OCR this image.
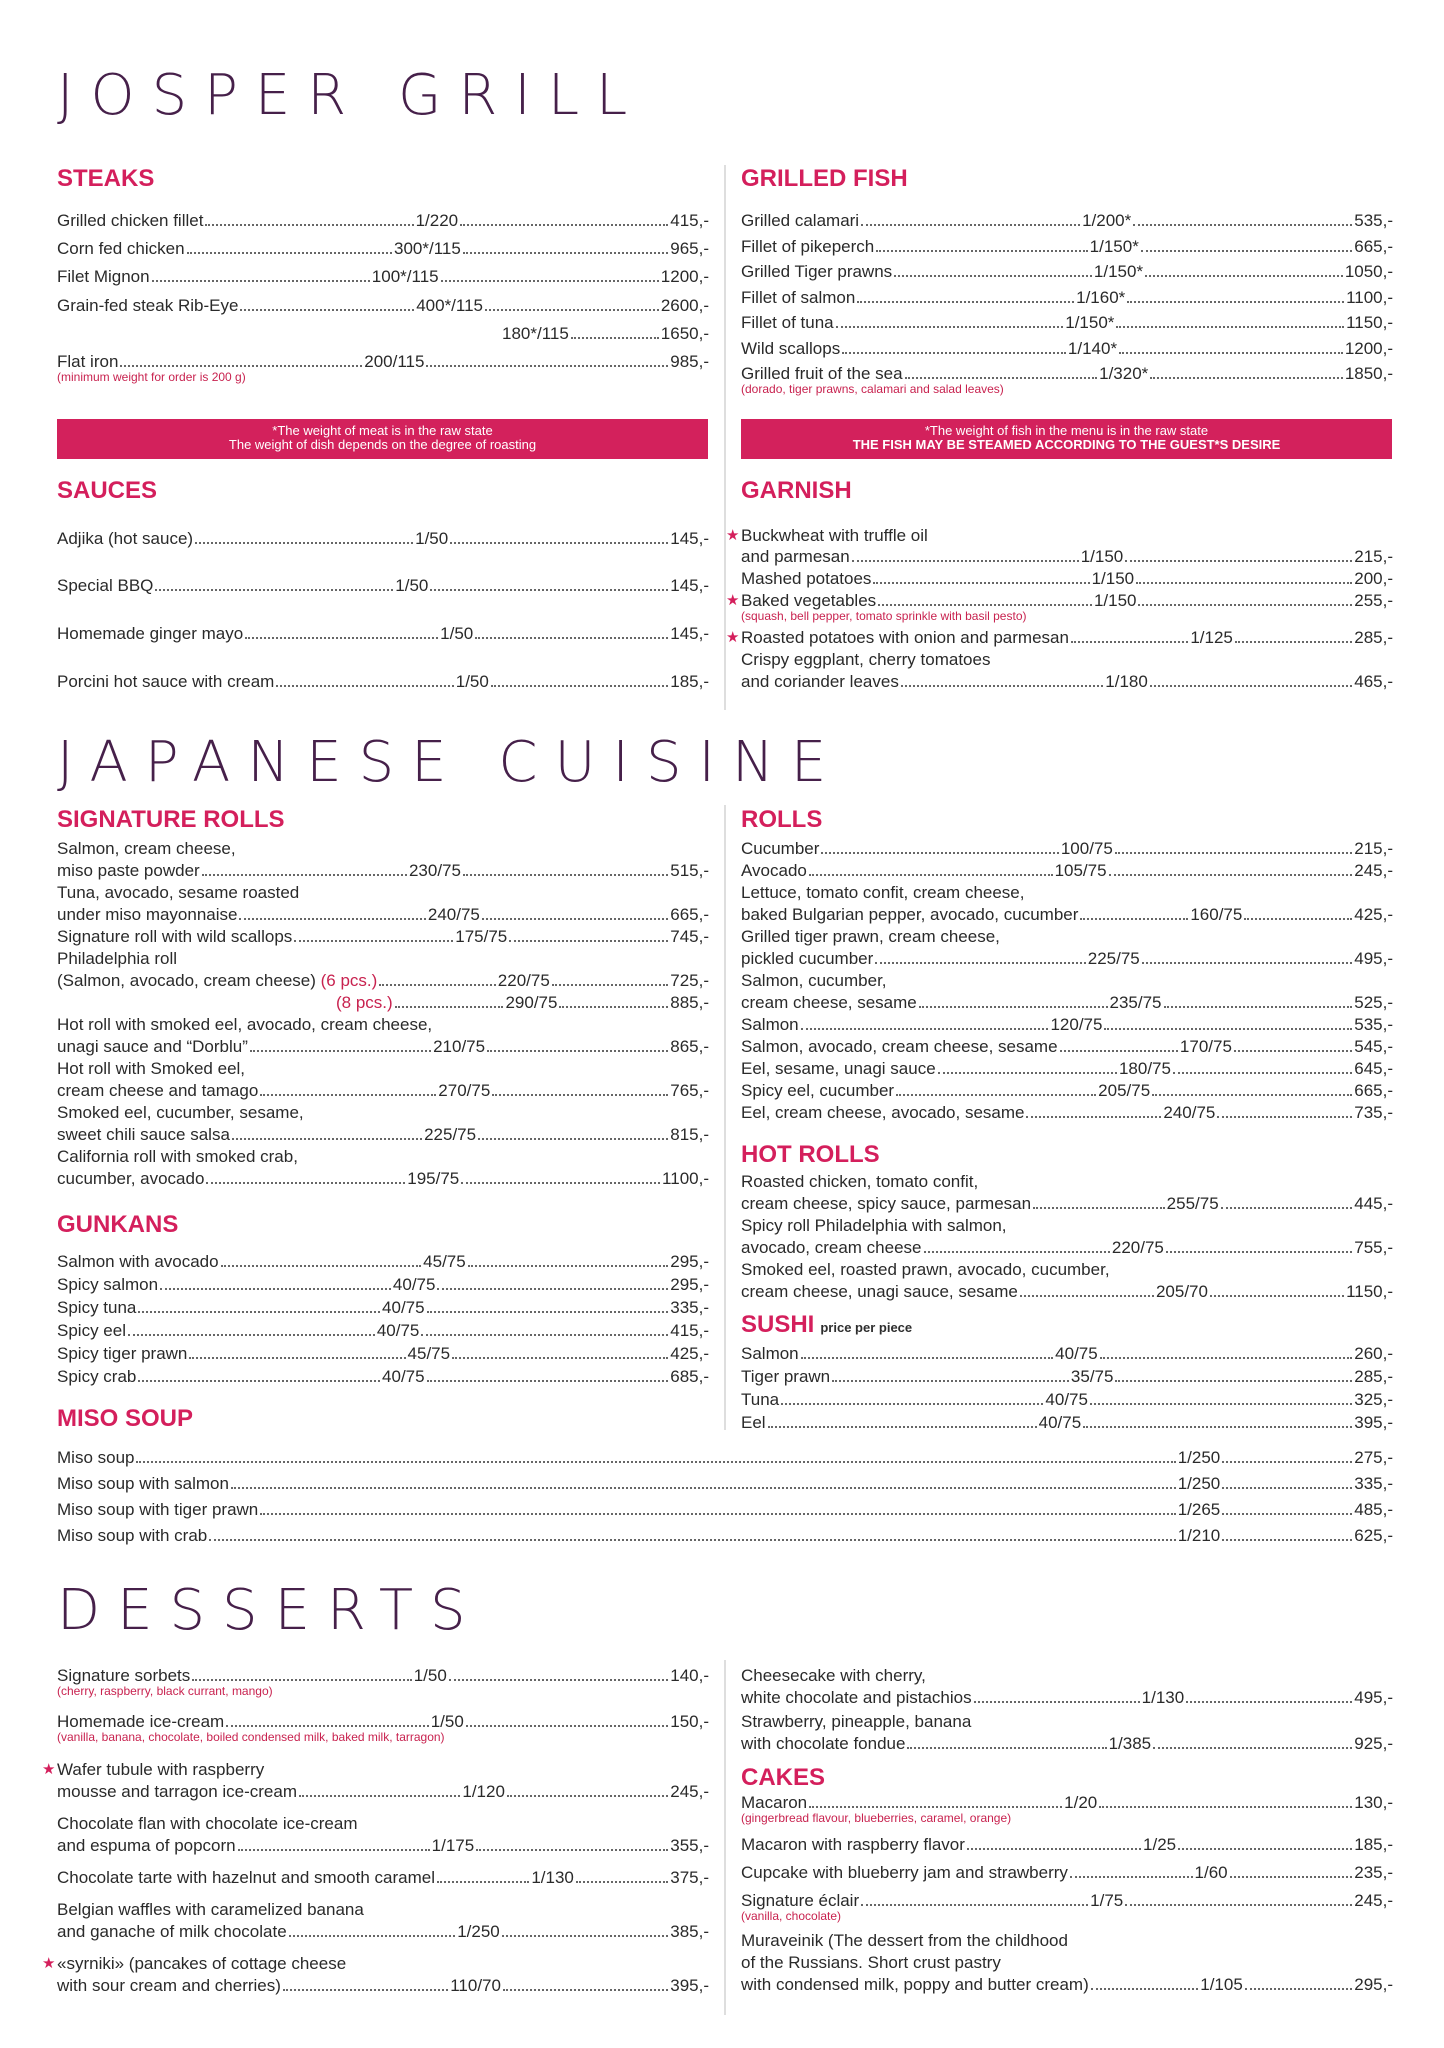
JOSPER GRILL
STEAKS
Grilled chicken fillet	1/220	415,-
Corn fed chicken	300*/115	965,-
Filet Mignon	100*/115	1200,-
Grain-fed steak Rib-Eye	400*/115	2600,-
180*/115	1650,-
Flat iron	200/115	985,-
(minimum weight for order is 200 g)
*The weight of meat is in the raw state
The weight of dish depends on the degree of roasting
SAUCES
Adjika (hot sauce)	1/50	145,-
Special BBQ	1/50	145,-
Homemade ginger mayo	1/50	145,-
Porcini hot sauce with cream	1/50	185,-
GRILLED FISH
Grilled calamari	1/200*	535,-
Fillet of pikeperch	1/150*	665,-
Grilled Tiger prawns	1/150*	1050,-
Fillet of salmon	1/160*	1100,-
Fillet of tuna	1/150*	1150,-
Wild scallops	1/140*	1200,-
Grilled fruit of the sea	1/320*	1850,-
(dorado, tiger prawns, calamari and salad leaves)
*The weight of fish in the menu is in the raw state
THE FISH MAY BE STEAMED ACCORDING TO THE GUEST*S DESIRE
GARNISH
★ Buckwheat with truffle oil
and parmesan	1/150	215,-
Mashed potatoes	1/150	200,-
★ Baked vegetables	1/150	255,-
(squash, bell pepper, tomato sprinkle with basil pesto)
★ Roasted potatoes with onion and parmesan	1/125	285,-
Crispy eggplant, cherry tomatoes
and coriander leaves	1/180	465,-
JAPANESE CUISINE
SIGNATURE ROLLS
Salmon, cream cheese,
miso paste powder	230/75	515,-
Tuna, avocado, sesame roasted
under miso mayonnaise	240/75	665,-
Signature roll with wild scallops	175/75	745,-
Philadelphia roll
(Salmon, avocado, cream cheese) (6 pcs.)	220/75	725,-
(8 pcs.)	290/75	885,-
Hot roll with smoked eel, avocado, cream cheese,
unagi sauce and “Dorblu”	210/75	865,-
Hot roll with Smoked eel,
cream cheese and tamago	270/75	765,-
Smoked eel, cucumber, sesame,
sweet chili sauce salsa	225/75	815,-
California roll with smoked crab,
cucumber, avocado	195/75	1100,-
GUNKANS
Salmon with avocado	45/75	295,-
Spicy salmon	40/75	295,-
Spicy tuna	40/75	335,-
Spicy eel	40/75	415,-
Spicy tiger prawn	45/75	425,-
Spicy crab	40/75	685,-
MISO SOUP
ROLLS
Cucumber	100/75	215,-
Avocado	105/75	245,-
Lettuce, tomato confit, cream cheese,
baked Bulgarian pepper, avocado, cucumber	160/75	425,-
Grilled tiger prawn, cream cheese,
pickled cucumber	225/75	495,-
Salmon, cucumber,
cream cheese, sesame	235/75	525,-
Salmon	120/75	535,-
Salmon, avocado, cream cheese, sesame	170/75	545,-
Eel, sesame, unagi sauce	180/75	645,-
Spicy eel, cucumber	205/75	665,-
Eel, cream cheese, avocado, sesame	240/75	735,-
HOT ROLLS
Roasted chicken, tomato confit,
cream cheese, spicy sauce, parmesan	255/75	445,-
Spicy roll Philadelphia with salmon,
avocado, cream cheese	220/75	755,-
Smoked eel, roasted prawn, avocado, cucumber,
cream cheese, unagi sauce, sesame	205/70	1150,-
SUSHI price per piece
Salmon	40/75	260,-
Tiger prawn	35/75	285,-
Tuna	40/75	325,-
Eel	40/75	395,-
Miso soup	1/250	275,-
Miso soup with salmon	1/250	335,-
Miso soup with tiger prawn	1/265	485,-
Miso soup with crab	1/210	625,-
DESSERTS
Signature sorbets	1/50	140,-
(cherry, raspberry, black currant, mango)
Homemade ice-cream	1/50	150,-
(vanilla, banana, chocolate, boiled condensed milk, baked milk, tarragon)
★ Wafer tubule with raspberry
mousse and tarragon ice-cream	1/120	245,-
Chocolate flan with chocolate ice-cream
and espuma of popcorn	1/175	355,-
Chocolate tarte with hazelnut and smooth caramel	1/130	375,-
Belgian waffles with caramelized banana
and ganache of milk chocolate	1/250	385,-
★ «syrniki» (pancakes of cottage cheese
with sour cream and cherries)	110/70	395,-
Cheesecake with cherry,
white chocolate and pistachios	1/130	495,-
Strawberry, pineapple, banana
with chocolate fondue	1/385	925,-
CAKES
Macaron	1/20	130,-
(gingerbread flavour, blueberries, caramel, orange)
Macaron with raspberry flavor	1/25	185,-
Cupcake with blueberry jam and strawberry	1/60	235,-
Signature éclair	1/75	245,-
(vanilla, chocolate)
Muraveinik (The dessert from the childhood
of the Russians. Short crust pastry
with condensed milk, poppy and butter cream)	1/105	295,-
